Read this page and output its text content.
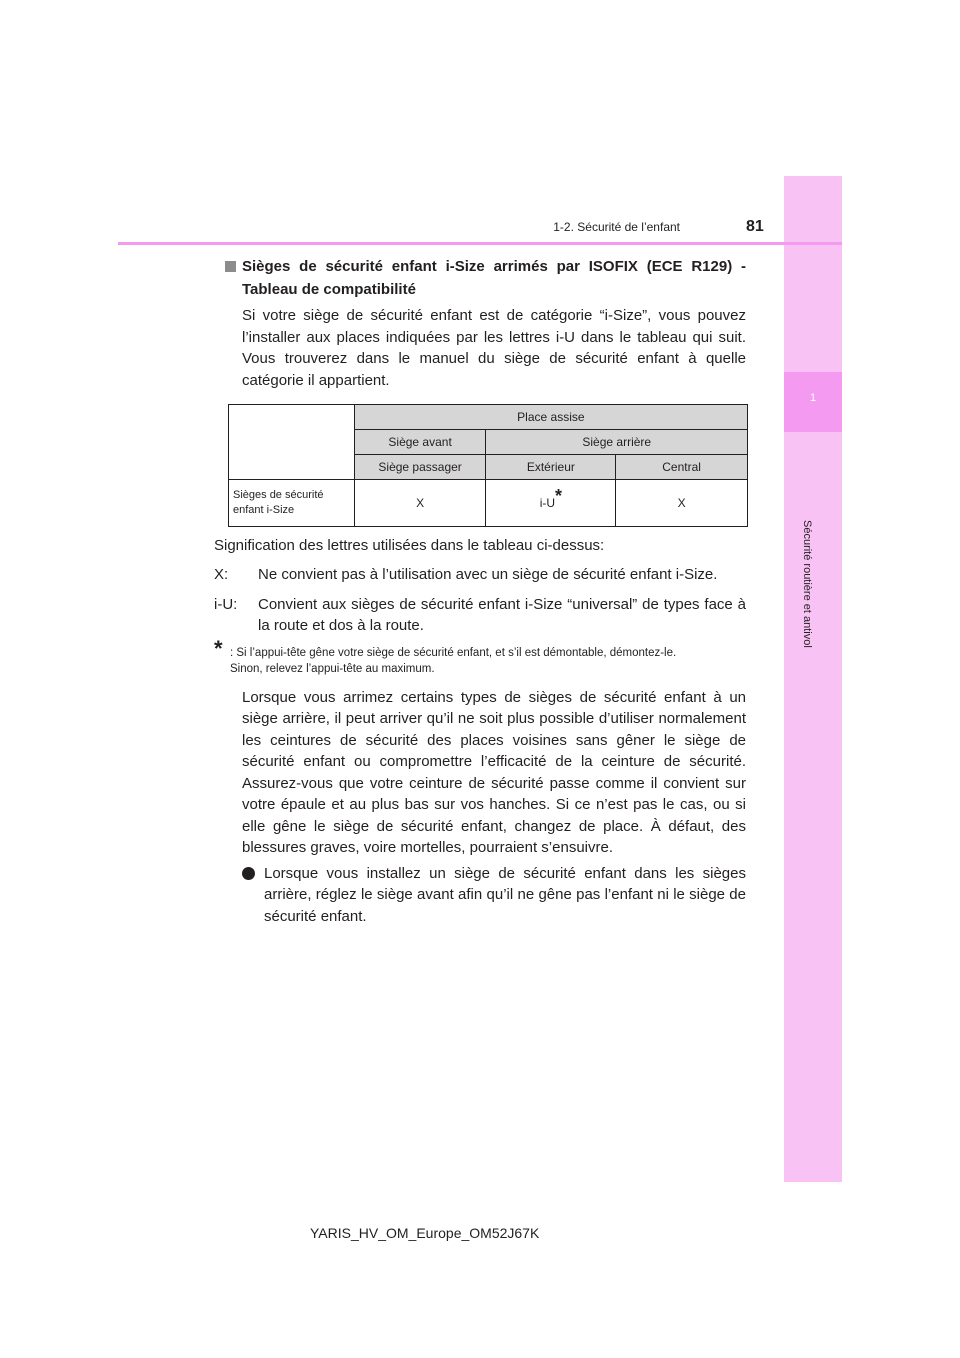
1
Sécurité routière et antivol
1-2. Sécurité de l’enfant	81

Sièges de sécurité enfant i-Size arrimés par ISOFIX (ECE R129) - Tableau de compatibilité

Si votre siège de sécurité enfant est de catégorie “i-Size”, vous pouvez l’installer aux places indiquées par les lettres i-U dans le tableau qui suit. Vous trouverez dans le manuel du siège de sécurité enfant à quelle catégorie il appartient.

	Place assise		
	Siège avant	Siège arrière	
	Siège passager	Extérieur	Central
Sièges de sécurité enfant i-Size	X	i-U*	X

Signification des lettres utilisées dans le tableau ci-dessus:

X: Ne convient pas à l’utilisation avec un siège de sécurité enfant i-Size.

i-U: Convient aux sièges de sécurité enfant i-Size “universal” de types face à la route et dos à la route.

* : Si l’appui-tête gêne votre siège de sécurité enfant, et s’il est démontable, démontez-le.
Sinon, relevez l’appui-tête au maximum.

Lorsque vous arrimez certains types de sièges de sécurité enfant à un siège arrière, il peut arriver qu’il ne soit plus possible d’utiliser normalement les ceintures de sécurité des places voisines sans gêner le siège de sécurité enfant ou compromettre l’efficacité de la ceinture de sécurité. Assurez-vous que votre ceinture de sécurité passe comme il convient sur votre épaule et au plus bas sur vos hanches. Si ce n’est pas le cas, ou si elle gêne le siège de sécurité enfant, changez de place. À défaut, des blessures graves, voire mortelles, pourraient s’ensuivre.

Lorsque vous installez un siège de sécurité enfant dans les sièges arrière, réglez le siège avant afin qu’il ne gêne pas l’enfant ni le siège de sécurité enfant.

YARIS_HV_OM_Europe_OM52J67K
